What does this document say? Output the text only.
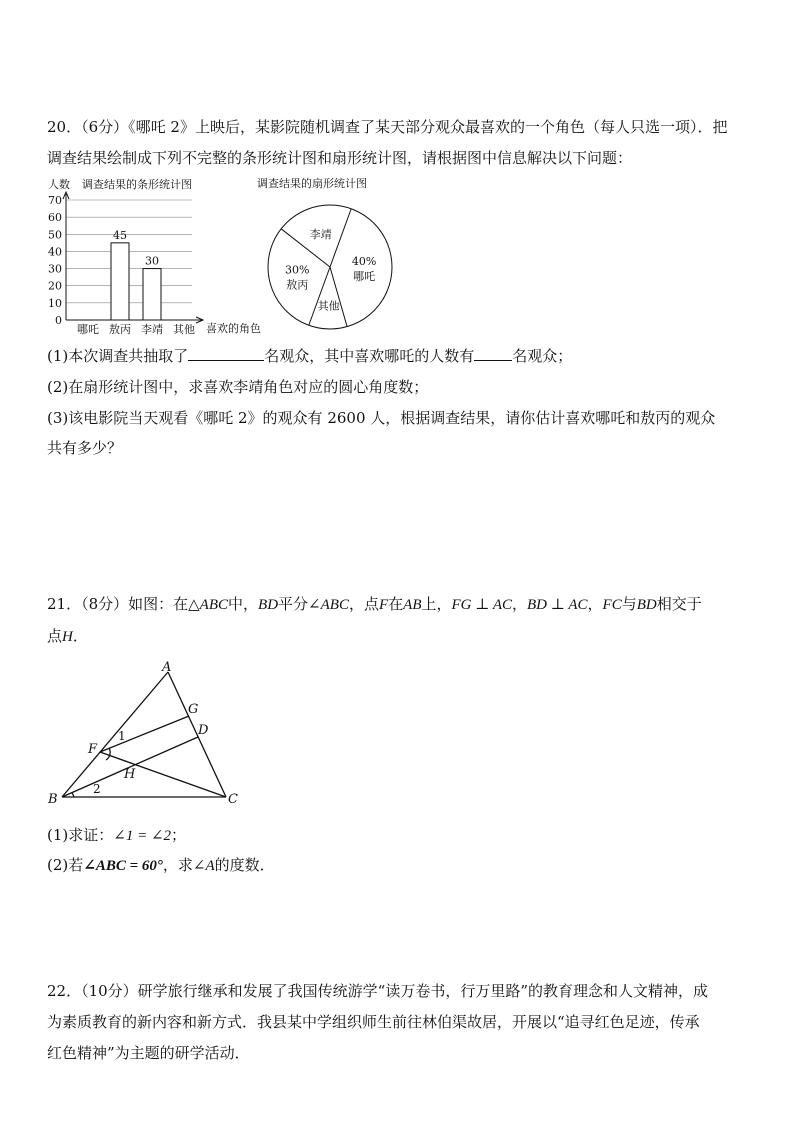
20．（6分）《哪吒 2》上映后，某影院随机调查了某天部分观众最喜欢的一个角色（每人只选一项）．把
调查结果绘制成下列不完整的条形统计图和扇形统计图，请根据图中信息解决以下问题：
人数 调查结果的条形统计图
0
10
20
30
40
50
60
70
哪吒 敖丙 李靖 其他
45
30
喜欢的角色
调查结果的扇形统计图
40%
哪吒
其他
30%
敖丙
李靖
(1)本次调查共抽取了	名观众，其中喜欢哪吒的人数有	名观众；
(2)在扇形统计图中，求喜欢李靖角色对应的圆心角度数；
(3)该电影院当天观看《哪吒 2》的观众有 2600 人，根据调查结果，请你估计喜欢哪吒和敖丙的观众
共有多少？
21．（8分）如图：在△ABC中，BD平分∠ABC，点F在AB上，FG ⊥ AC，BD ⊥ AC，FC与BD相交于
点H．
A
G
D
F
1
H
2
B	C
(1)求证：∠1 = ∠2；
(2)若∠ABC = 60°，求∠A的度数．
22．（10分）研学旅行继承和发展了我国传统游学“读万卷书，行万里路”的教育理念和人文精神，成
为素质教育的新内容和新方式．我县某中学组织师生前往林伯渠故居，开展以“追寻红色足迹，传承
红色精神”为主题的研学活动．
